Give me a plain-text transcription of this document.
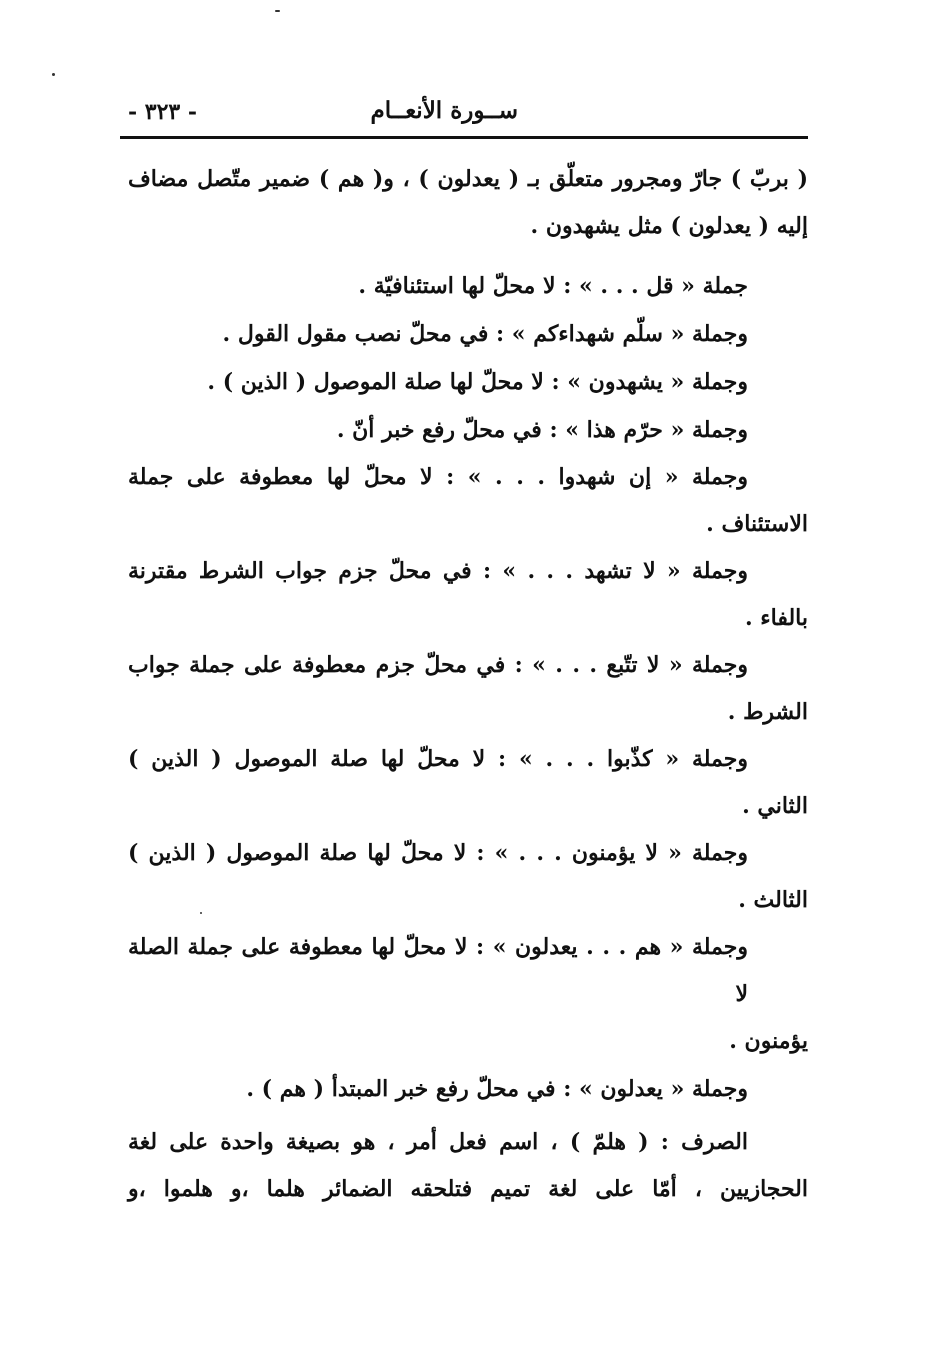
ســورة الأنعــام
- ٣٢٣ -

( بربّ ) جارّ ومجرور متعلّق بـ ( يعدلون ) ، و( هم ) ضمير متّصل مضاف

إليه ( يعدلون ) مثل يشهدون .

جملة « قل . . . » : لا محلّ لها استئنافيّة .

وجملة « سلّم شهداءكم » : في محلّ نصب مقول القول .

وجملة « يشهدون » : لا محلّ لها صلة الموصول ( الذين ) .

وجملة « حرّم هذا » : في محلّ رفع خبر أنّ .

وجملة « إن شهدوا . . . » : لا محلّ لها معطوفة على جملة

الاستئناف .

وجملة « لا تشهد . . . » : في محلّ جزم جواب الشرط مقترنة

بالفاء .

وجملة « لا تتّبع . . . » : في محلّ جزم معطوفة على جملة جواب

الشرط .

وجملة « كذّبوا . . . » : لا محلّ لها صلة الموصول ( الذين )

الثاني .

وجملة « لا يؤمنون . . . » : لا محلّ لها صلة الموصول ( الذين )

الثالث .

وجملة « هم . . . يعدلون » : لا محلّ لها معطوفة على جملة الصلة لا

يؤمنون .

وجملة « يعدلون » : في محلّ رفع خبر المبتدأ ( هم ) .

الصرف : ( هلمّ ) ، اسم فعل أمر ، هو بصيغة واحدة على لغة

الحجازيين ، أمّا على لغة تميم فتلحقه الضمائر هلما ،و هلموا ،و
